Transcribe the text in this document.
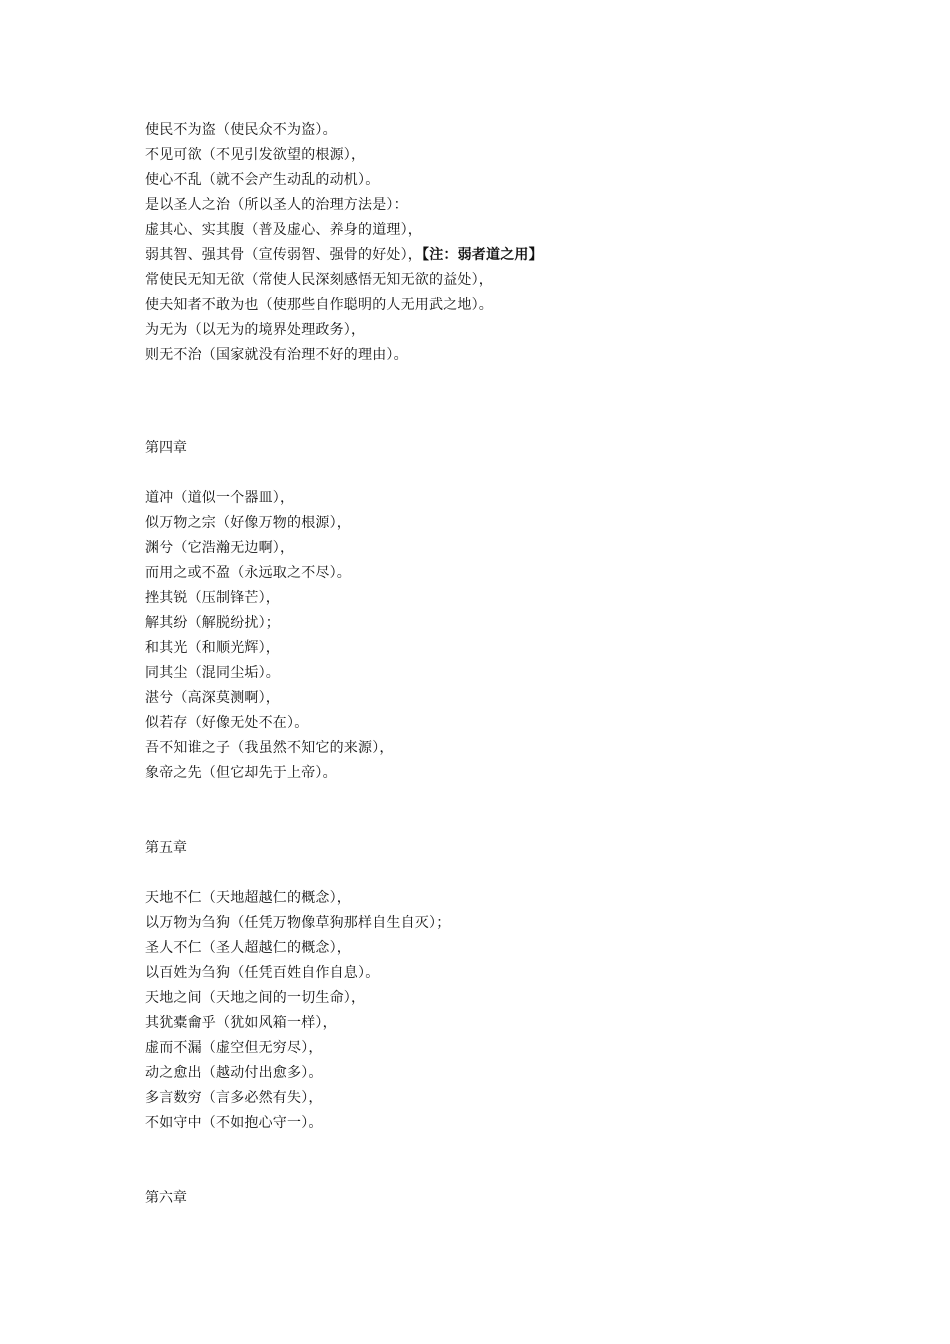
使民不为盗（使民众不为盗）。
不见可欲（不见引发欲望的根源），
使心不乱（就不会产生动乱的动机）。
是以圣人之治（所以圣人的治理方法是）：
虚其心、实其腹（普及虚心、养身的道理），
弱其智、强其骨（宣传弱智、强骨的好处），【注：弱者道之用】
常使民无知无欲（常使人民深刻感悟无知无欲的益处），
使夫知者不敢为也（使那些自作聪明的人无用武之地）。
为无为（以无为的境界处理政务），
则无不治（国家就没有治理不好的理由）。
第四章
道冲（道似一个器皿），
似万物之宗（好像万物的根源），
渊兮（它浩瀚无边啊），
而用之或不盈（永远取之不尽）。
挫其锐（压制锋芒），
解其纷（解脱纷扰）；
和其光（和顺光辉），
同其尘（混同尘垢）。
湛兮（高深莫测啊），
似若存（好像无处不在）。
吾不知谁之子（我虽然不知它的来源），
象帝之先（但它却先于上帝）。
第五章
天地不仁（天地超越仁的概念），
以万物为刍狗（任凭万物像草狗那样自生自灭）；
圣人不仁（圣人超越仁的概念），
以百姓为刍狗（任凭百姓自作自息）。
天地之间（天地之间的一切生命），
其犹橐龠乎（犹如风箱一样），
虚而不漏（虚空但无穷尽），
动之愈出（越动付出愈多）。
多言数穷（言多必然有失），
不如守中（不如抱心守一）。
第六章
